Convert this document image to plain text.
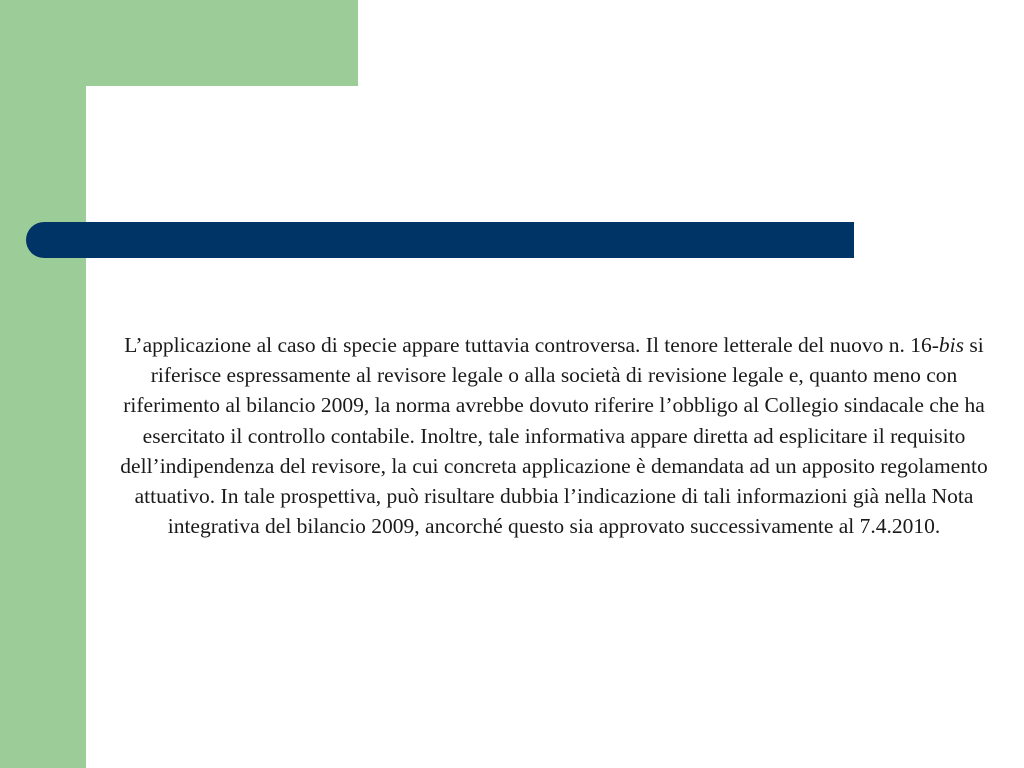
L’applicazione al caso di specie appare tuttavia controversa. Il tenore letterale del nuovo n. 16-bis si riferisce espressamente al revisore legale o alla società di revisione legale e, quanto meno con riferimento al bilancio 2009, la norma avrebbe dovuto riferire l’obbligo al Collegio sindacale che ha esercitato il controllo contabile. Inoltre, tale informativa appare diretta ad esplicitare il requisito dell’indipendenza del revisore, la cui concreta applicazione è demandata ad un apposito regolamento attuativo. In tale prospettiva, può risultare dubbia l’indicazione di tali informazioni già nella Nota integrativa del bilancio 2009, ancorché questo sia approvato successivamente al 7.4.2010.
